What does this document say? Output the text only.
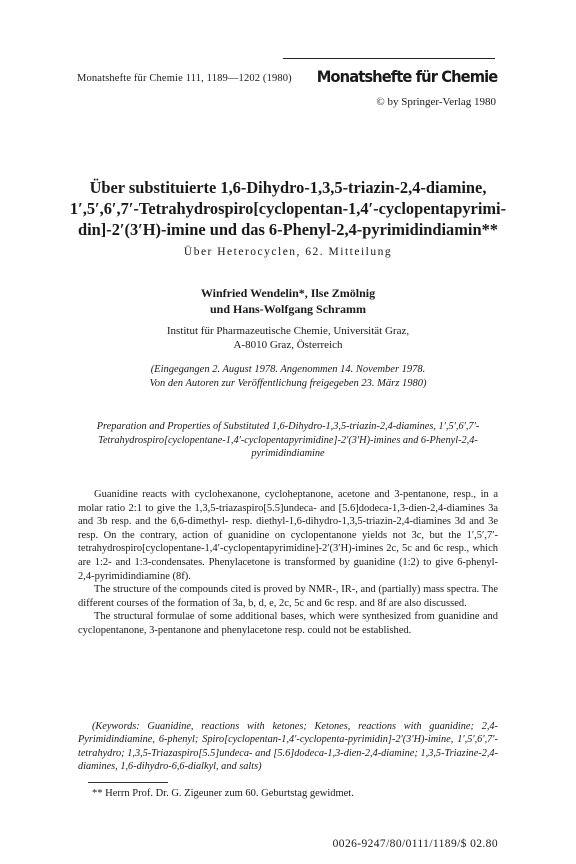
Monatshefte für Chemie 111, 1189—1202 (1980) Monatshefte für Chemie
© by Springer-Verlag 1980
Über substituierte 1,6-Dihydro-1,3,5-triazin-2,4-diamine,
1′,5′,6′,7′-Tetrahydrospiro[cyclopentan-1,4′-cyclopentapyrimi-
din]-2′(3′H)-imine und das 6-Phenyl-2,4-pyrimidindiamin**

Über Heterocyclen, 62. Mitteilung

Winfried Wendelin*, Ilse Zmölnig
und Hans-Wolfgang Schramm

Institut für Pharmazeutische Chemie, Universität Graz,
A-8010 Graz, Österreich

(Eingegangen 2. August 1978. Angenommen 14. November 1978.
Von den Autoren zur Veröffentlichung freigegeben 23. März 1980)

Preparation and Properties of Substituted 1,6-Dihydro-1,3,5-triazin-2,4-diamines, 1′,5′,6′,7′-Tetrahydrospiro[cyclopentane-1,4′-cyclopentapyrimidine]-2′(3′H)-imines and 6-Phenyl-2,4-pyrimidindiamine

Guanidine reacts with cyclohexanone, cycloheptanone, acetone and 3-pentanone, resp., in a molar ratio 2:1 to give the 1,3,5-triazaspiro[5.5]undeca- and [5.6]dodeca-1,3-dien-2,4-diamines 3a and 3b resp. and the 6,6-dimethyl- resp. diethyl-1,6-dihydro-1,3,5-triazin-2,4-diamines 3d and 3e resp. On the contrary, action of guanidine on cyclopentanone yields not 3c, but the 1′,5′,7′-tetrahydrospiro[cyclopentane-1,4′-cyclopentapyrimidine]-2′(3′H)-imines 2c, 5c and 6c resp., which are 1:2- and 1:3-condensates. Phenylacetone is transformed by guanidine (1:2) to give 6-phenyl-2,4-pyrimidindiamine (8f).

The structure of the compounds cited is proved by NMR-, IR-, and (partially) mass spectra. The different courses of the formation of 3a, b, d, e, 2c, 5c and 6c resp. and 8f are also discussed.

The structural formulae of some additional bases, which were synthesized from guanidine and cyclopentanone, 3-pentanone and phenylacetone resp. could not be established.

(Keywords: Guanidine, reactions with ketones; Ketones, reactions with guanidine; 2,4-Pyrimidindiamine, 6-phenyl; Spiro[cyclopentan-1,4′-cyclopenta-pyrimidin]-2′(3′H)-imine, 1′,5′,6′,7′-tetrahydro; 1,3,5-Triazaspiro[5.5]undeca- and [5.6]dodeca-1,3-dien-2,4-diamine; 1,3,5-Triazine-2,4-diamines, 1,6-dihydro-6,6-dialkyl, and salts)

** Herrn Prof. Dr. G. Zigeuner zum 60. Geburtstag gewidmet.
0026-9247/80/0111/1189/$ 02.80
